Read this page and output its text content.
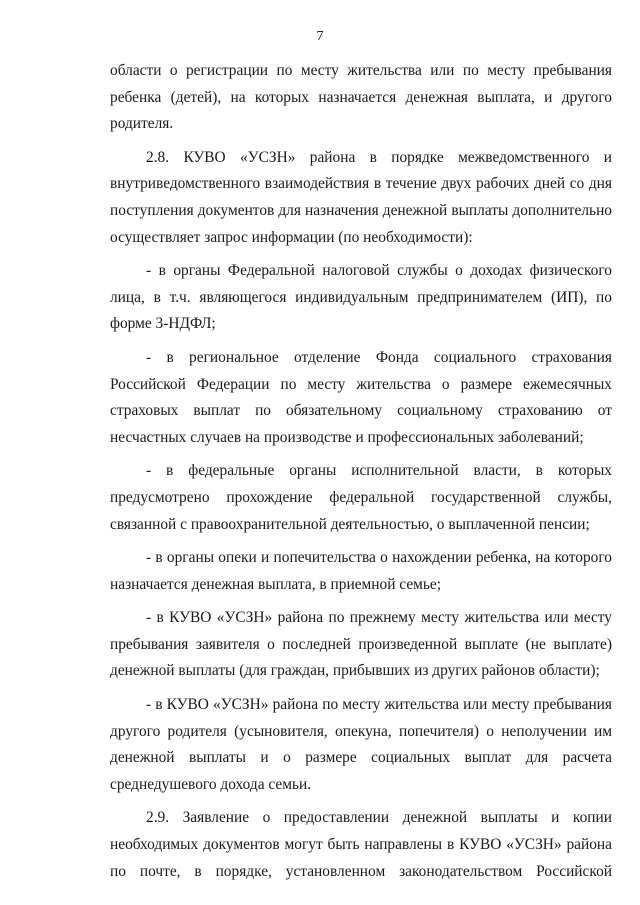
7

области о регистрации по месту жительства или по месту пребывания ребенка (детей), на которых назначается денежная выплата, и другого родителя.

2.8. КУВО «УСЗН» района в порядке межведомственного и внутриведомственного взаимодействия в течение двух рабочих дней со дня поступления документов для назначения денежной выплаты дополнительно осуществляет запрос информации (по необходимости):

- в органы Федеральной налоговой службы о доходах физического лица, в т.ч. являющегося индивидуальным предпринимателем (ИП), по форме 3-НДФЛ;

- в региональное отделение Фонда социального страхования Российской Федерации по месту жительства о размере ежемесячных страховых выплат по обязательному социальному страхованию от несчастных случаев на производстве и профессиональных заболеваний;

- в федеральные органы исполнительной власти, в которых предусмотрено прохождение федеральной государственной службы, связанной с правоохранительной деятельностью, о выплаченной пенсии;

- в органы опеки и попечительства о нахождении ребенка, на которого назначается денежная выплата, в приемной семье;

- в КУВО «УСЗН» района по прежнему месту жительства или месту пребывания заявителя о последней произведенной выплате (не выплате) денежной выплаты (для граждан, прибывших из других районов области);

- в КУВО «УСЗН» района по месту жительства или месту пребывания другого родителя (усыновителя, опекуна, попечителя) о неполучении им денежной выплаты и о размере социальных выплат для расчета среднедушевого дохода семьи.

2.9. Заявление о предоставлении денежной выплаты и копии необходимых документов могут быть направлены в КУВО «УСЗН» района по почте, в порядке, установленном законодательством Российской
